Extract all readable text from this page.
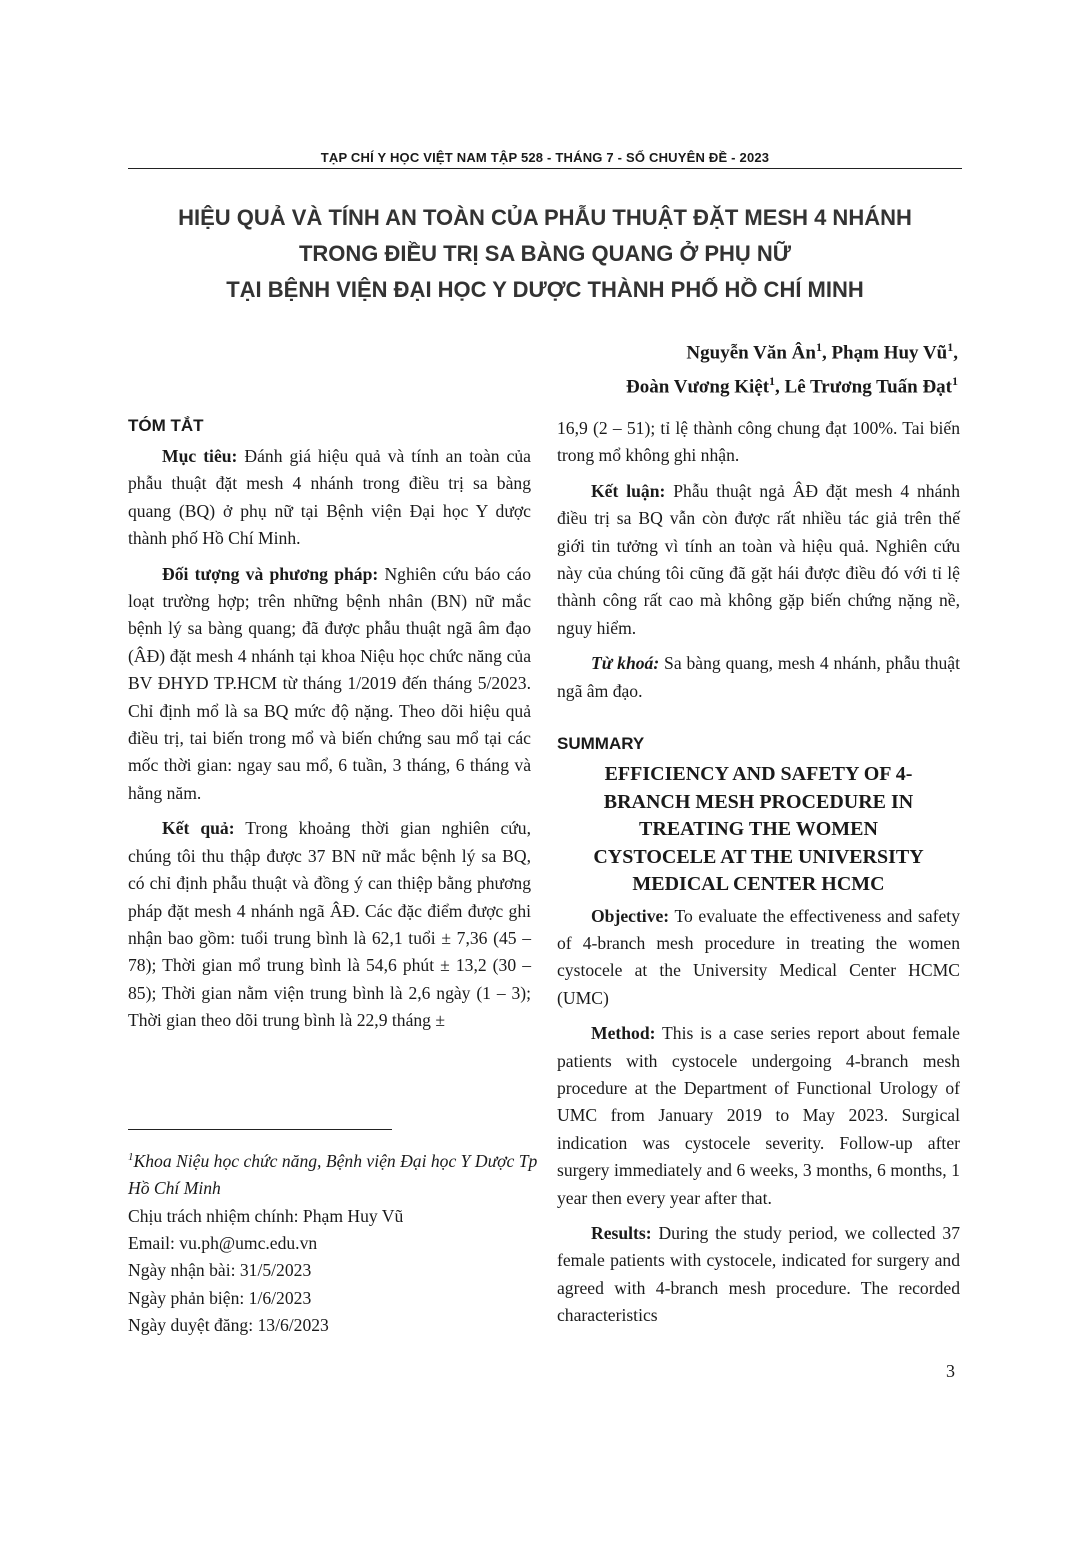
TẠP CHÍ Y HỌC VIỆT NAM TẬP 528 - THÁNG 7 - SỐ CHUYÊN ĐỀ - 2023
HIỆU QUẢ VÀ TÍNH AN TOÀN CỦA PHẪU THUẬT ĐẶT MESH 4 NHÁNH
TRONG ĐIỀU TRỊ SA BÀNG QUANG Ở PHỤ NỮ
TẠI BỆNH VIỆN ĐẠI HỌC Y DƯỢC THÀNH PHỐ HỒ CHÍ MINH
Nguyễn Văn $Ân^1$, Phạm Huy $Vũ^1$,
Đoàn Vương Kiệt$^1$, Lê Trương Tuấn Đạt$^1$
TÓM TẮT

Mục tiêu: Đánh giá hiệu quả và tính an toàn của phẫu thuật đặt mesh 4 nhánh trong điều trị sa bàng quang (BQ) ở phụ nữ tại Bệnh viện Đại học Y dược thành phố Hồ Chí Minh.

Đối tượng và phương pháp: Nghiên cứu báo cáo loạt trường hợp; trên những bệnh nhân (BN) nữ mắc bệnh lý sa bàng quang; đã được phẫu thuật ngã âm đạo (ÂĐ) đặt mesh 4 nhánh tại khoa Niệu học chức năng của BV ĐHYD TP.HCM từ tháng 1/2019 đến tháng 5/2023. Chỉ định mổ là sa BQ mức độ nặng. Theo dõi hiệu quả điều trị, tai biến trong mổ và biến chứng sau mổ tại các mốc thời gian: ngay sau mổ, 6 tuần, 3 tháng, 6 tháng và hằng năm.

Kết quả: Trong khoảng thời gian nghiên cứu, chúng tôi thu thập được 37 BN nữ mắc bệnh lý sa BQ, có chỉ định phẫu thuật và đồng ý can thiệp bằng phương pháp đặt mesh 4 nhánh ngã ÂĐ. Các đặc điểm được ghi nhận bao gồm: tuổi trung bình là 62,1 tuổi ± 7,36 (45 – 78); Thời gian mổ trung bình là 54,6 phút ± 13,2 (30 – 85); Thời gian nằm viện trung bình là 2,6 ngày (1 – 3); Thời gian theo dõi trung bình là 22,9 tháng ±

16,9 (2 – 51); tỉ lệ thành công chung đạt 100%. Tai biến trong mổ không ghi nhận.

Kết luận: Phẫu thuật ngả ÂĐ đặt mesh 4 nhánh điều trị sa BQ vẫn còn được rất nhiều tác giả trên thế giới tin tưởng vì tính an toàn và hiệu quả. Nghiên cứu này của chúng tôi cũng đã gặt hái được điều đó với tỉ lệ thành công rất cao mà không gặp biến chứng nặng nề, nguy hiểm.

Từ khoá: Sa bàng quang, mesh 4 nhánh, phẫu thuật ngã âm đạo.

SUMMARY
EFFICIENCY AND SAFETY OF 4-
BRANCH MESH PROCEDURE IN
TREATING THE WOMEN
CYSTOCELE AT THE UNIVERSITY
MEDICAL CENTER HCMC

Objective: To evaluate the effectiveness and safety of 4-branch mesh procedure in treating the women cystocele at the University Medical Center HCMC (UMC)

Method: This is a case series report about female patients with cystocele undergoing 4-branch mesh procedure at the Department of Functional Urology of UMC from January 2019 to May 2023. Surgical indication was cystocele severity. Follow-up after surgery immediately and 6 weeks, 3 months, 6 months, 1 year then every year after that.

Results: During the study period, we collected 37 female patients with cystocele, indicated for surgery and agreed with 4-branch mesh procedure. The recorded characteristics

$^1$Khoa Niệu học chức năng, Bệnh viện Đại học Y Dược Tp Hồ Chí Minh
Chịu trách nhiệm chính: Phạm Huy Vũ
Email: vu.ph@umc.edu.vn
Ngày nhận bài: 31/5/2023
Ngày phản biện: 1/6/2023
Ngày duyệt đăng: 13/6/2023
3
